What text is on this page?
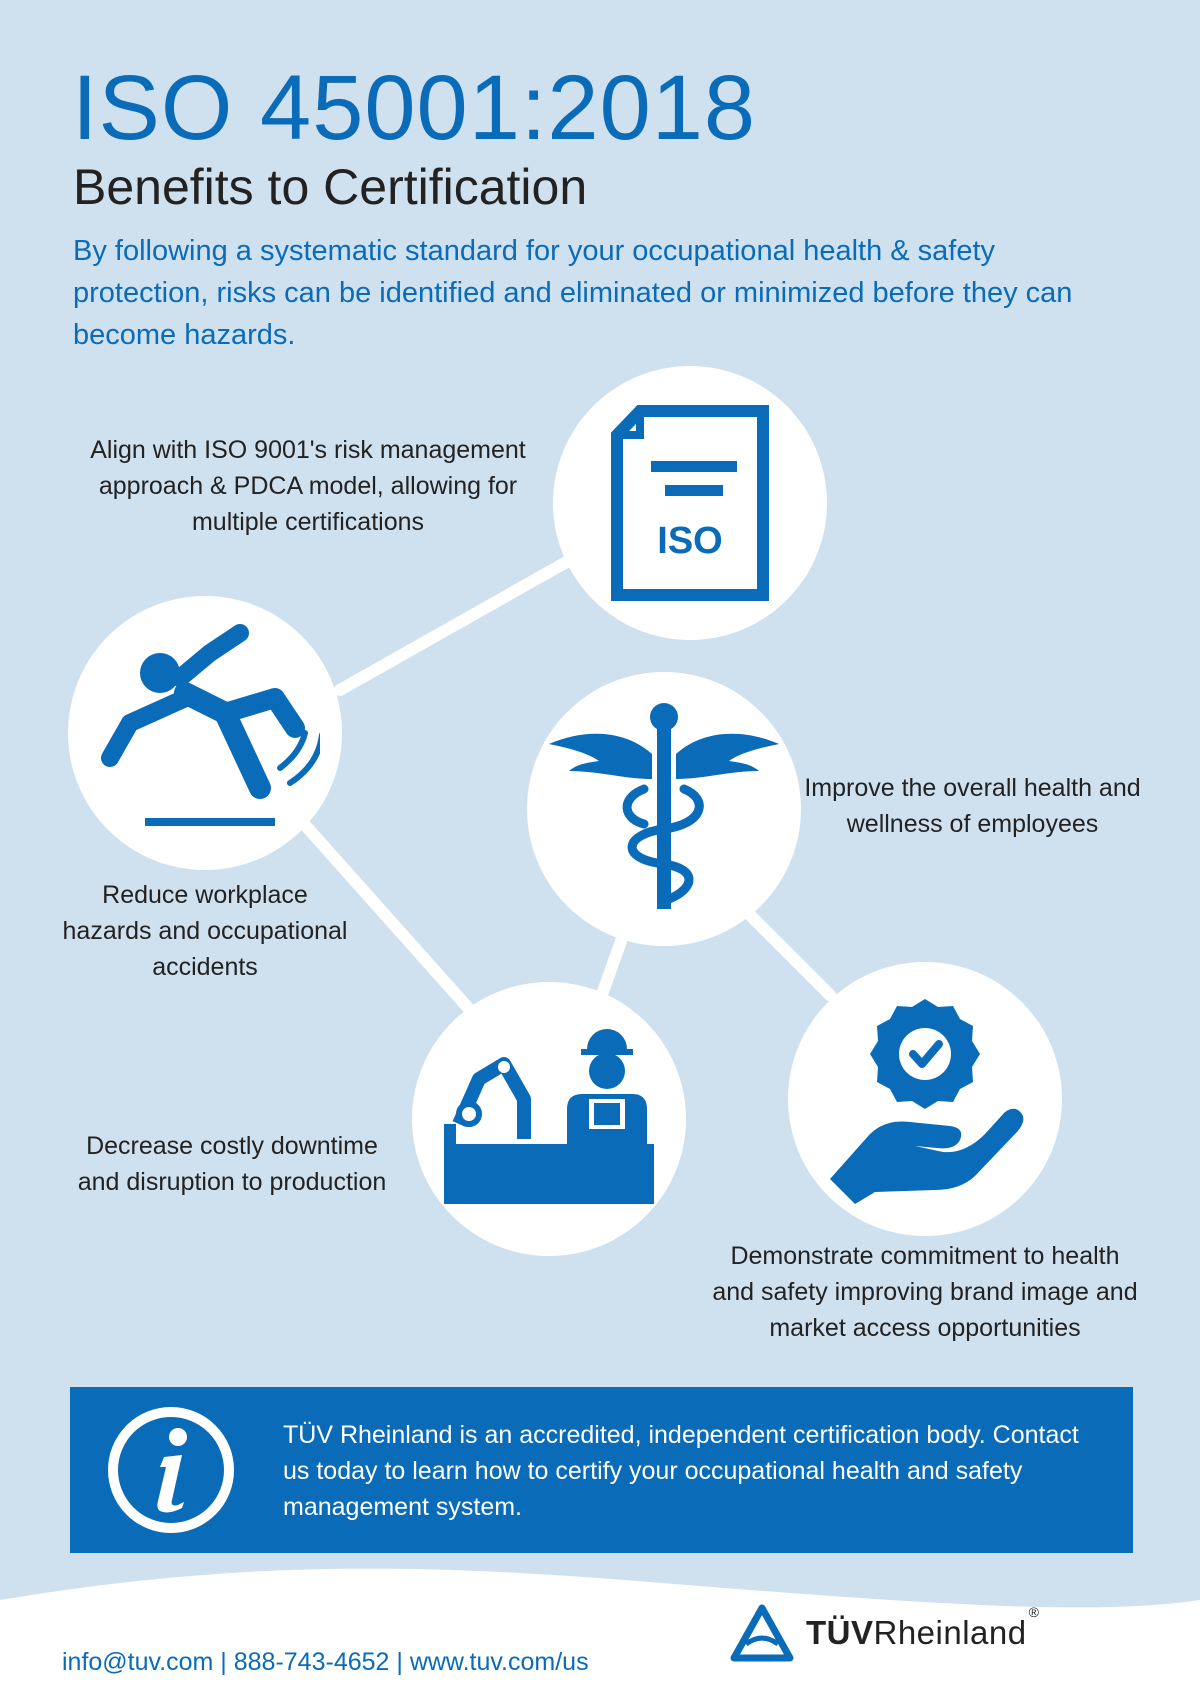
ISO 45001:2018
Benefits to Certification

By following a systematic standard for your occupational health & safety protection, risks can be identified and eliminated or minimized before they can become hazards.

ISO

Align with ISO 9001's risk management approach & PDCA model, allowing for multiple certifications

Reduce workplace hazards and occupational accidents

Improve the overall health and wellness of employees

Decrease costly downtime and disruption to production

Demonstrate commitment to health and safety improving brand image and market access opportunities

TÜV Rheinland is an accredited, independent certification body. Contact us today to learn how to certify your occupational health and safety management system.

info@tuv.com | 888-743-4652 | www.tuv.com/us

TÜVRheinland®
